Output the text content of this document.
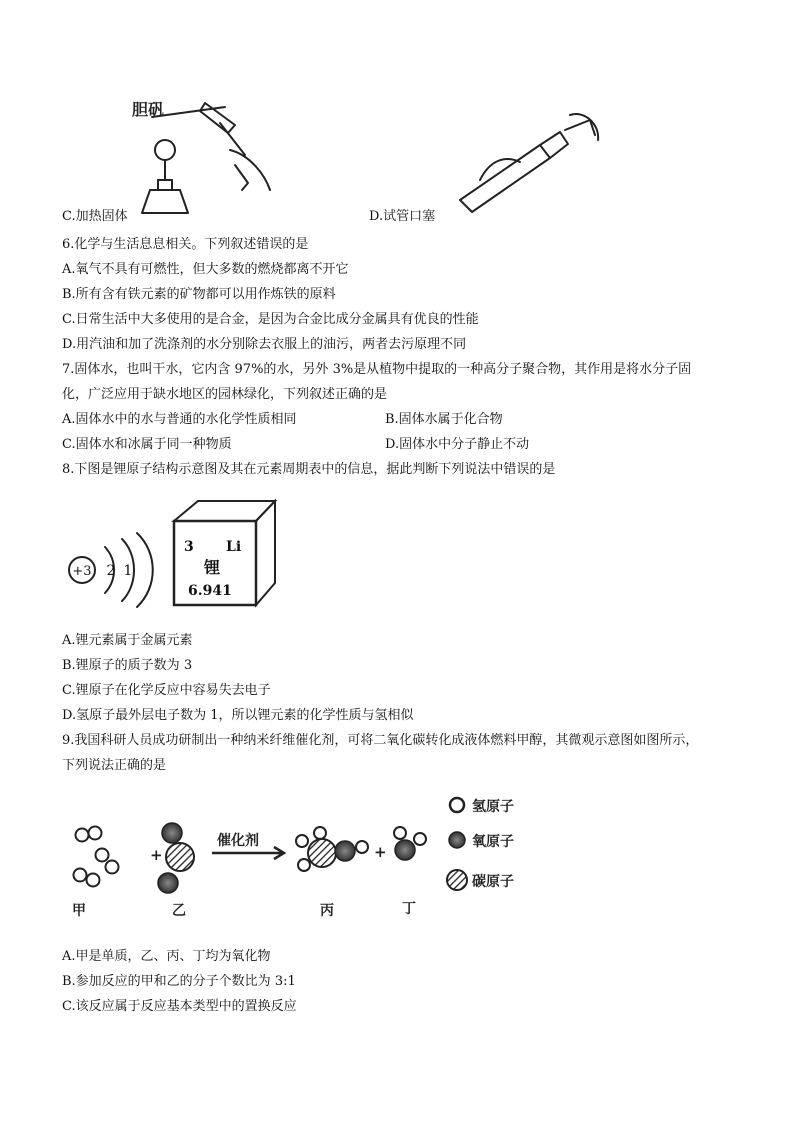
胆矾
C.加热固体	D.试管口塞
6.化学与生活息息相关。下列叙述错误的是
A.氧气不具有可燃性，但大多数的燃烧都离不开它
B.所有含有铁元素的矿物都可以用作炼铁的原料
C.日常生活中大多使用的是合金，是因为合金比成分金属具有优良的性能
D.用汽油和加了洗涤剂的水分别除去衣服上的油污，两者去污原理不同
7.固体水，也叫干水，它内含 97%的水，另外 3%是从植物中提取的一种高分子聚合物，其作用是将水分子固
化，广泛应用于缺水地区的园林绿化，下列叙述正确的是
A.固体水中的水与普通的水化学性质相同	B.固体水属于化合物
C.固体水和冰属于同一种物质	D.固体水中分子静止不动
8.下图是锂原子结构示意图及其在元素周期表中的信息，据此判断下列说法中错误的是
+3 2 1
3 Li
锂
6.941
A.锂元素属于金属元素
B.锂原子的质子数为 3
C.锂原子在化学反应中容易失去电子
D.氢原子最外层电子数为 1，所以锂元素的化学性质与氢相似
9.我国科研人员成功研制出一种纳米纤维催化剂，可将二氧化碳转化成液体燃料甲醇，其微观示意图如图所示，
下列说法正确的是
+
催化剂
+
甲	乙	丙	丁
氢原子
氧原子
碳原子
A.甲是单质，乙、丙、丁均为氧化物
B.参加反应的甲和乙的分子个数比为 3:1
C.该反应属于反应基本类型中的置换反应
